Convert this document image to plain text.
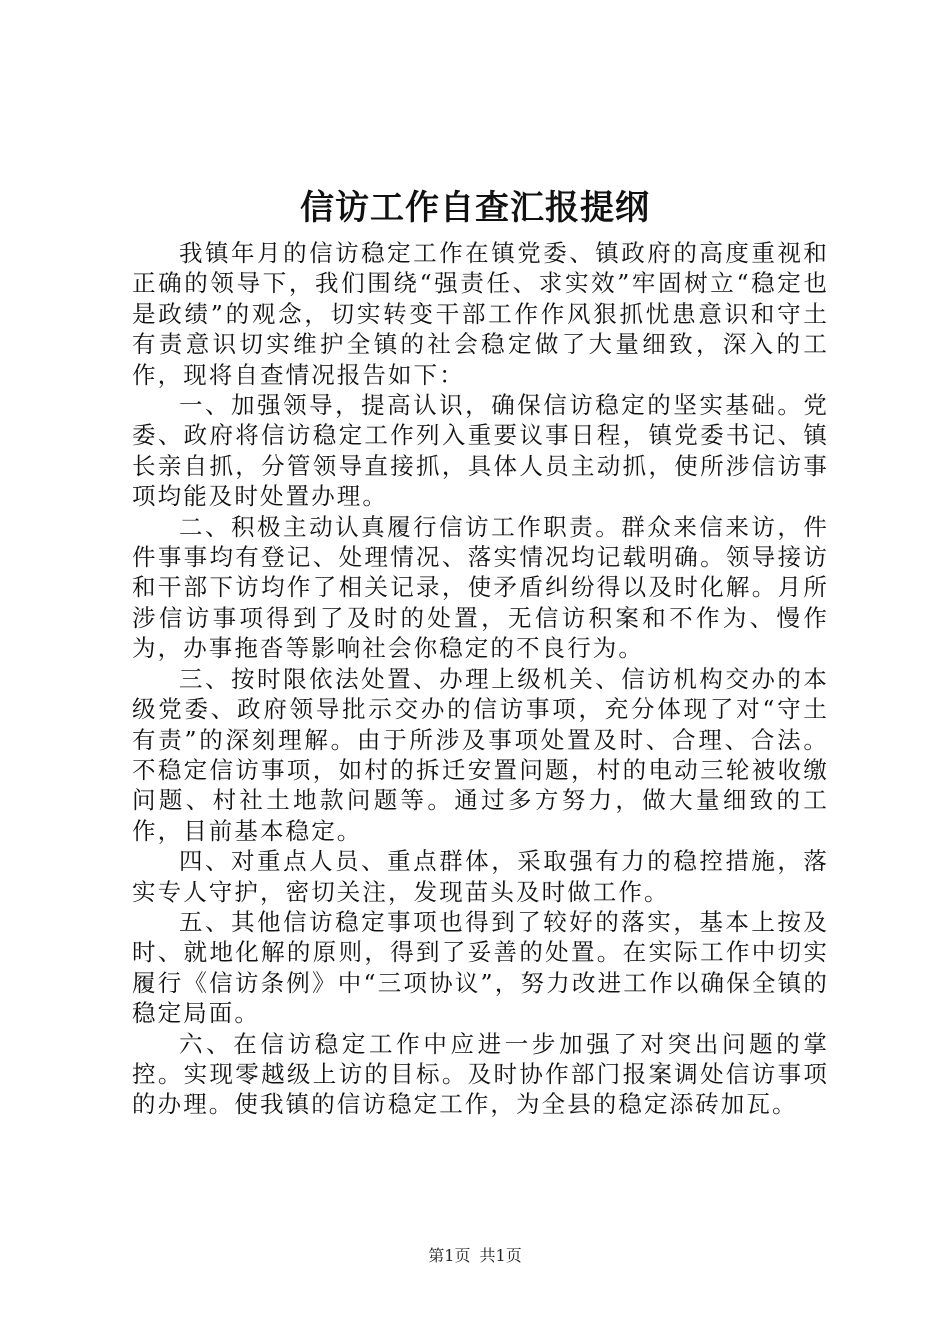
信访工作自查汇报提纲

我镇年月的信访稳定工作在镇党委、镇政府的高度重视和正确的领导下，我们围绕“强责任、求实效”牢固树立“稳定也是政绩”的观念，切实转变干部工作作风狠抓忧患意识和守土有责意识切实维护全镇的社会稳定做了大量细致，深入的工作，现将自查情况报告如下：

一、加强领导，提高认识，确保信访稳定的坚实基础。党委、政府将信访稳定工作列入重要议事日程，镇党委书记、镇长亲自抓，分管领导直接抓，具体人员主动抓，使所涉信访事项均能及时处置办理。

二、积极主动认真履行信访工作职责。群众来信来访，件件事事均有登记、处理情况、落实情况均记载明确。领导接访和干部下访均作了相关记录，使矛盾纠纷得以及时化解。月所涉信访事项得到了及时的处置，无信访积案和不作为、慢作为，办事拖沓等影响社会你稳定的不良行为。

三、按时限依法处置、办理上级机关、信访机构交办的本级党委、政府领导批示交办的信访事项，充分体现了对“守土有责”的深刻理解。由于所涉及事项处置及时、合理、合法。不稳定信访事项，如村的拆迁安置问题，村的电动三轮被收缴问题、村社土地款问题等。通过多方努力，做大量细致的工作，目前基本稳定。

四、对重点人员、重点群体，采取强有力的稳控措施，落实专人守护，密切关注，发现苗头及时做工作。

五、其他信访稳定事项也得到了较好的落实，基本上按及时、就地化解的原则，得到了妥善的处置。在实际工作中切实履行《信访条例》中“三项协议”，努力改进工作以确保全镇的稳定局面。

六、在信访稳定工作中应进一步加强了对突出问题的掌控。实现零越级上访的目标。及时协作部门报案调处信访事项的办理。使我镇的信访稳定工作，为全县的稳定添砖加瓦。

第1页 共1页
